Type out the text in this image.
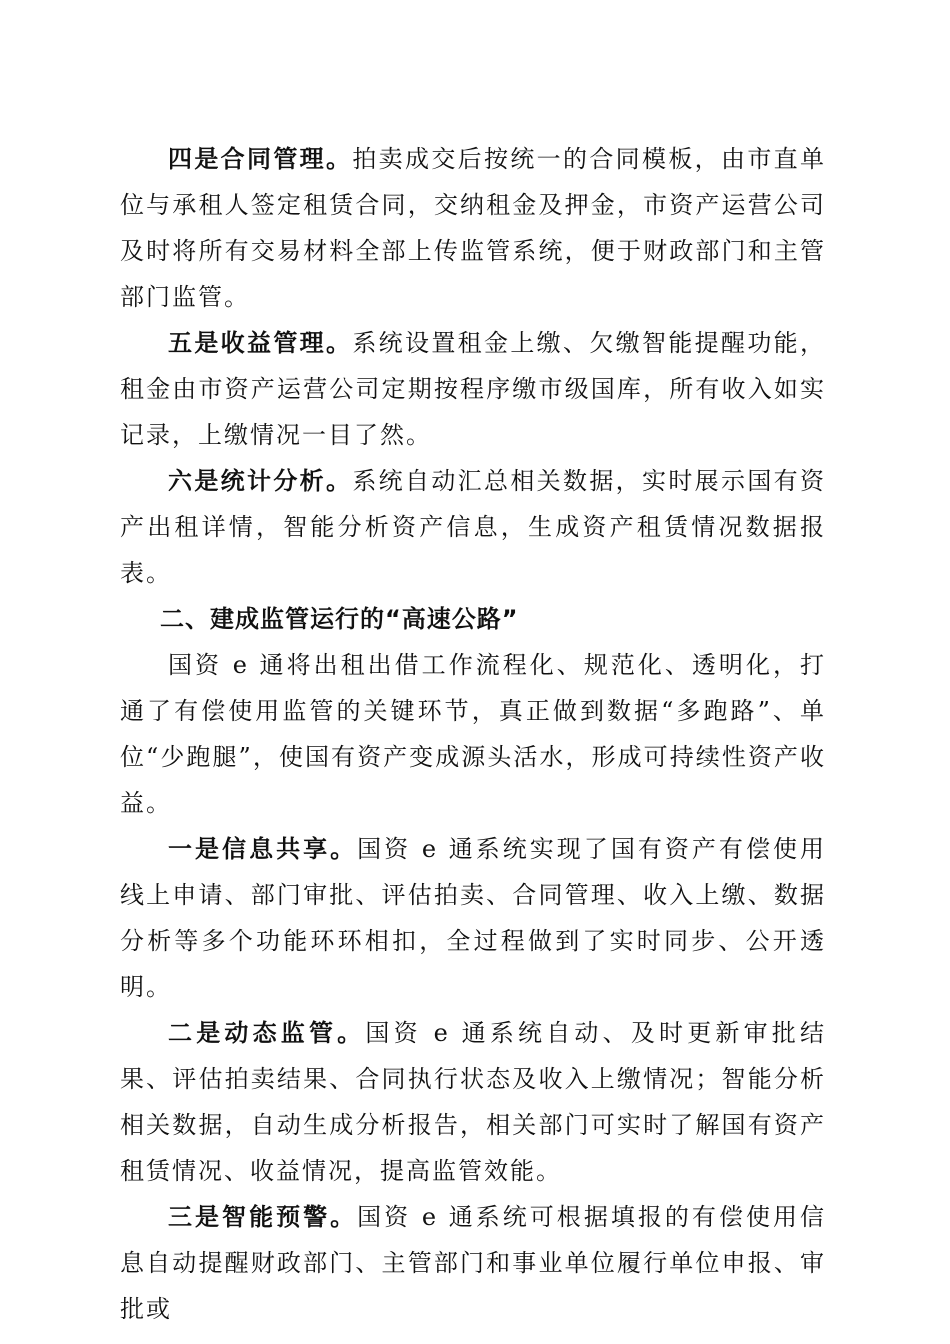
四是合同管理。拍卖成交后按统一的合同模板，由市直单位与承租人签定租赁合同，交纳租金及押金，市资产运营公司及时将所有交易材料全部上传监管系统，便于财政部门和主管部门监管。

五是收益管理。系统设置租金上缴、欠缴智能提醒功能，租金由市资产运营公司定期按程序缴市级国库，所有收入如实记录，上缴情况一目了然。

六是统计分析。系统自动汇总相关数据，实时展示国有资产出租详情，智能分析资产信息，生成资产租赁情况数据报表。

二、建成监管运行的“高速公路”

国资 e 通将出租出借工作流程化、规范化、透明化，打通了有偿使用监管的关键环节，真正做到数据“多跑路”、单位“少跑腿”，使国有资产变成源头活水，形成可持续性资产收益。

一是信息共享。国资 e 通系统实现了国有资产有偿使用线上申请、部门审批、评估拍卖、合同管理、收入上缴、数据分析等多个功能环环相扣，全过程做到了实时同步、公开透明。

二是动态监管。国资 e 通系统自动、及时更新审批结果、评估拍卖结果、合同执行状态及收入上缴情况；智能分析相关数据，自动生成分析报告，相关部门可实时了解国有资产租赁情况、收益情况，提高监管效能。

三是智能预警。国资 e 通系统可根据填报的有偿使用信息自动提醒财政部门、主管部门和事业单位履行单位申报、审批或
